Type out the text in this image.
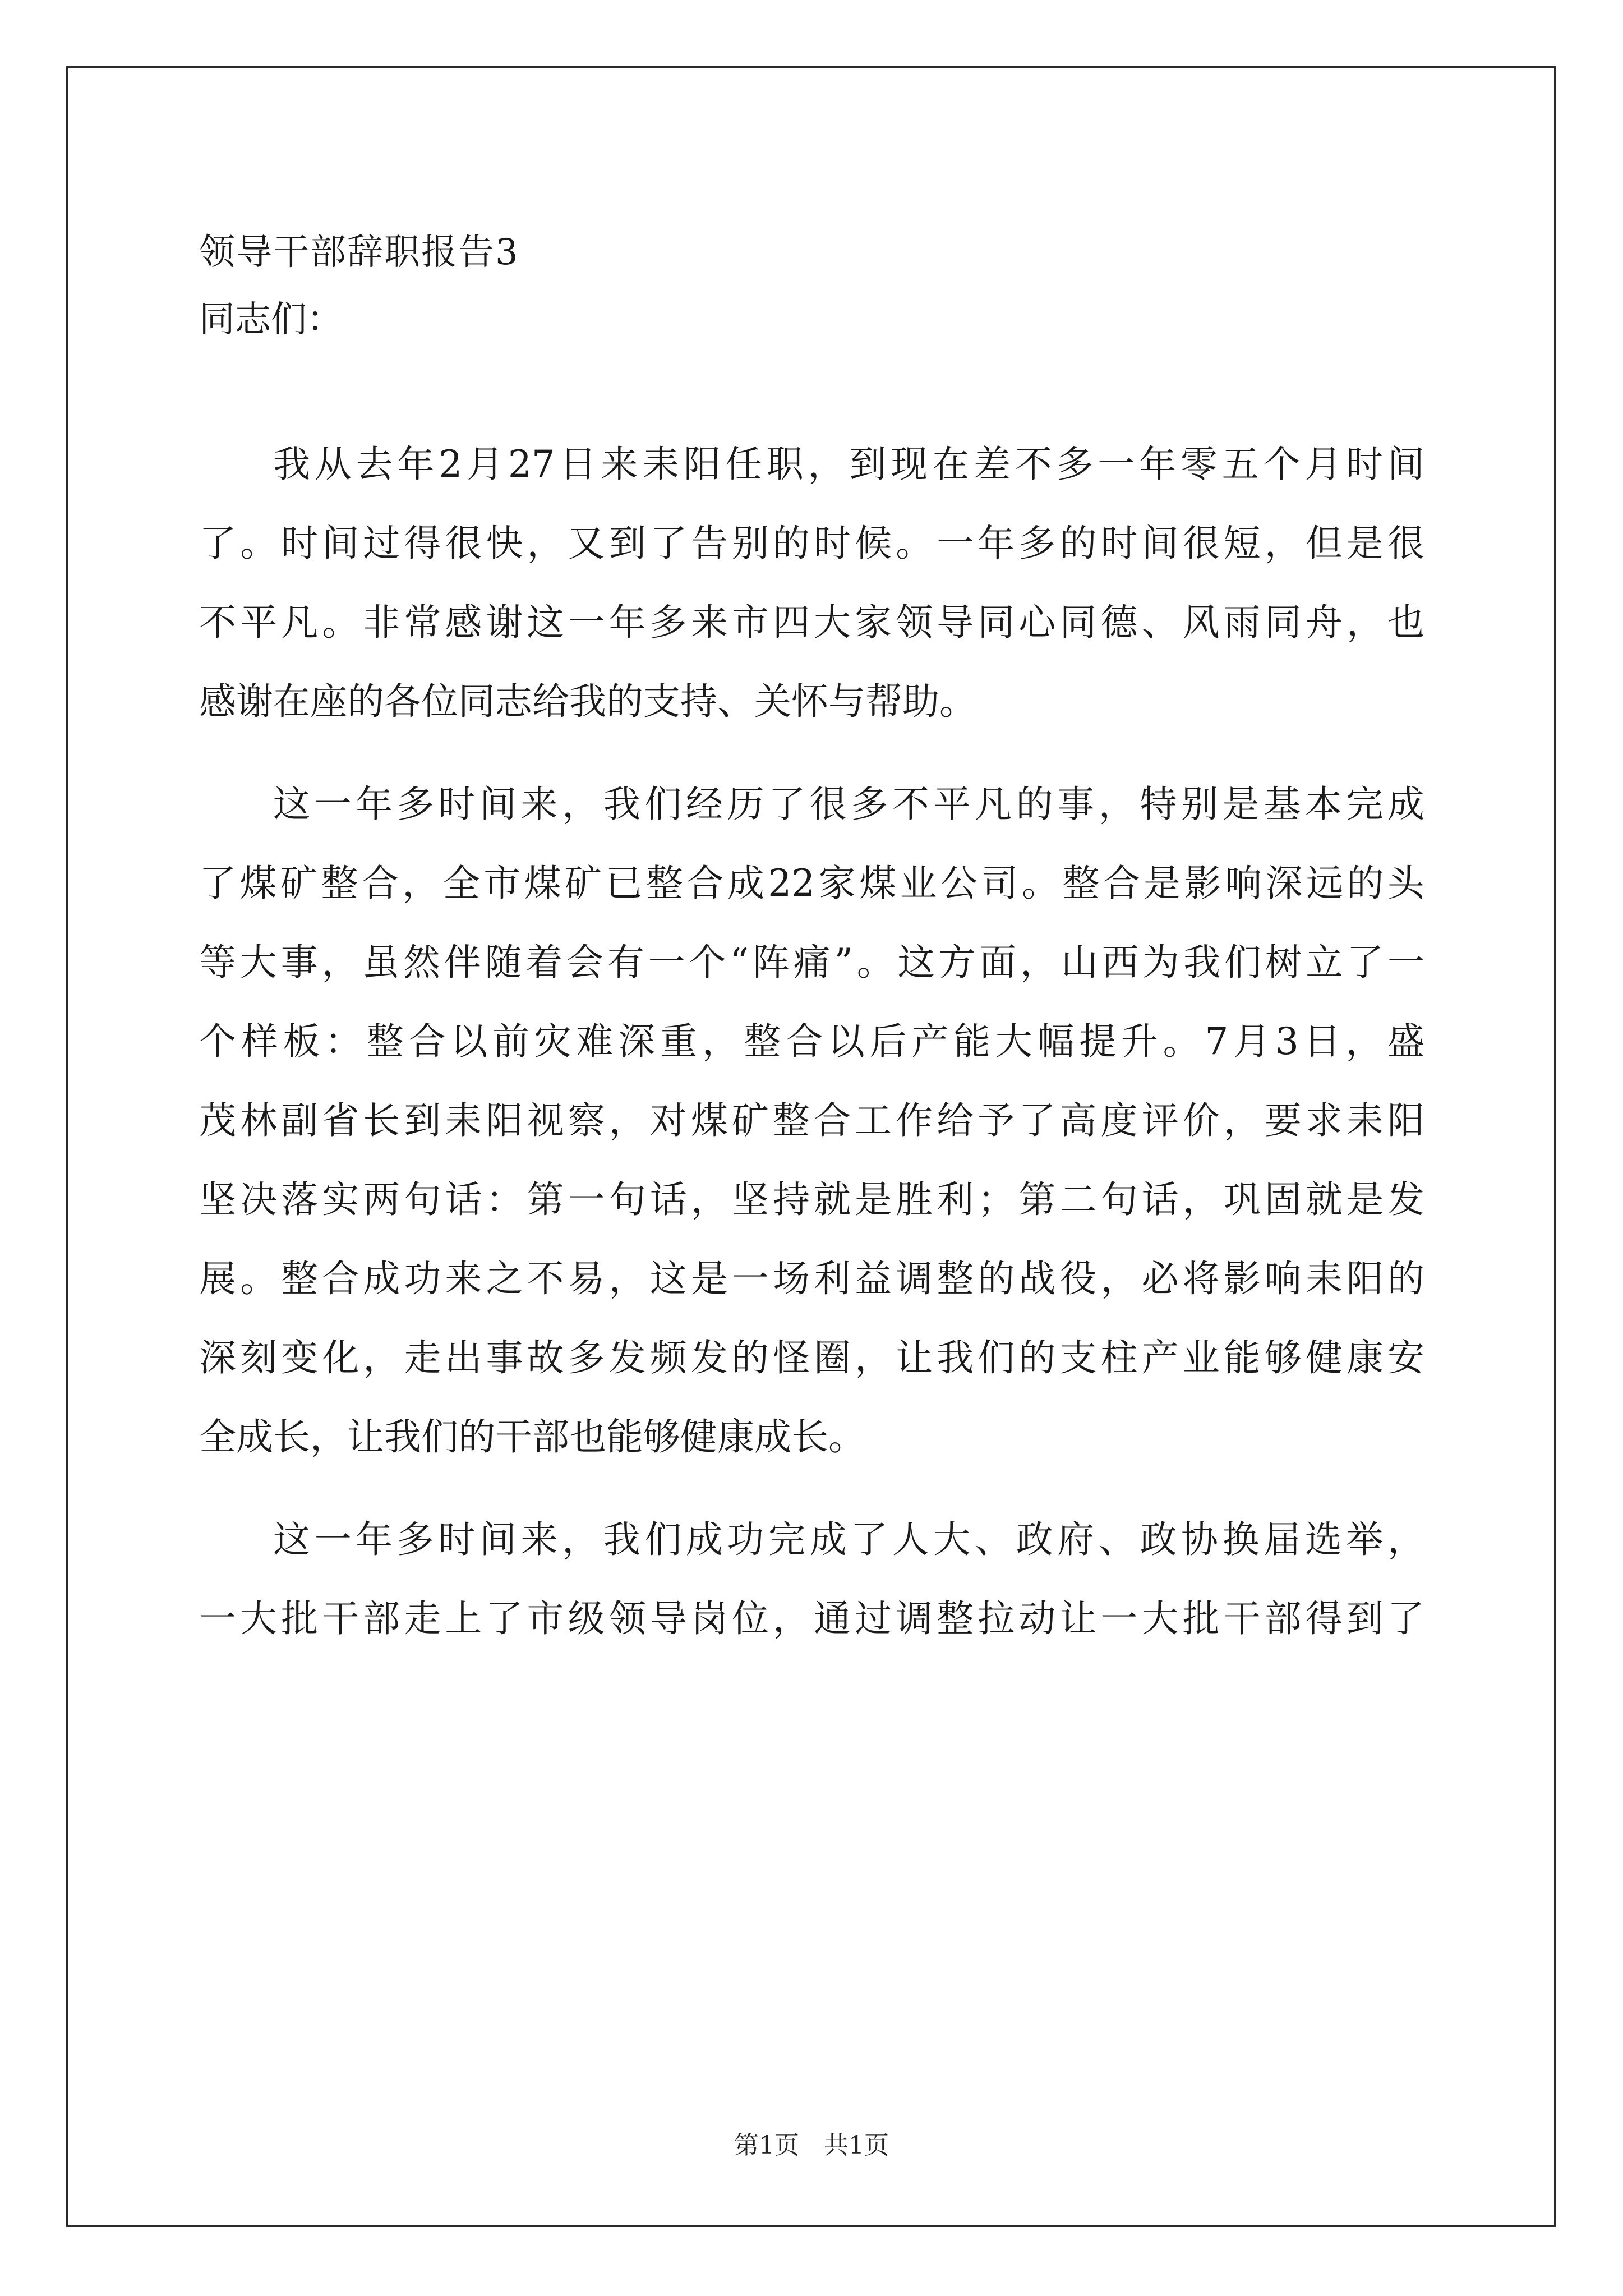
领导干部辞职报告3
同志们：
我从去年2月27日来耒阳任职，到现在差不多一年零五个月时间
了。时间过得很快，又到了告别的时候。一年多的时间很短，但是很
不平凡。非常感谢这一年多来市四大家领导同心同德、风雨同舟，也
感谢在座的各位同志给我的支持、关怀与帮助。
这一年多时间来，我们经历了很多不平凡的事，特别是基本完成
了煤矿整合，全市煤矿已整合成22家煤业公司。整合是影响深远的头
等大事，虽然伴随着会有一个“阵痛”。这方面，山西为我们树立了一
个样板：整合以前灾难深重，整合以后产能大幅提升。7月3日，盛
茂林副省长到耒阳视察，对煤矿整合工作给予了高度评价，要求耒阳
坚决落实两句话：第一句话，坚持就是胜利；第二句话，巩固就是发
展。整合成功来之不易，这是一场利益调整的战役，必将影响耒阳的
深刻变化，走出事故多发频发的怪圈，让我们的支柱产业能够健康安
全成长，让我们的干部也能够健康成长。
这一年多时间来，我们成功完成了人大、政府、政协换届选举，
一大批干部走上了市级领导岗位，通过调整拉动让一大批干部得到了
第1页　共1页
